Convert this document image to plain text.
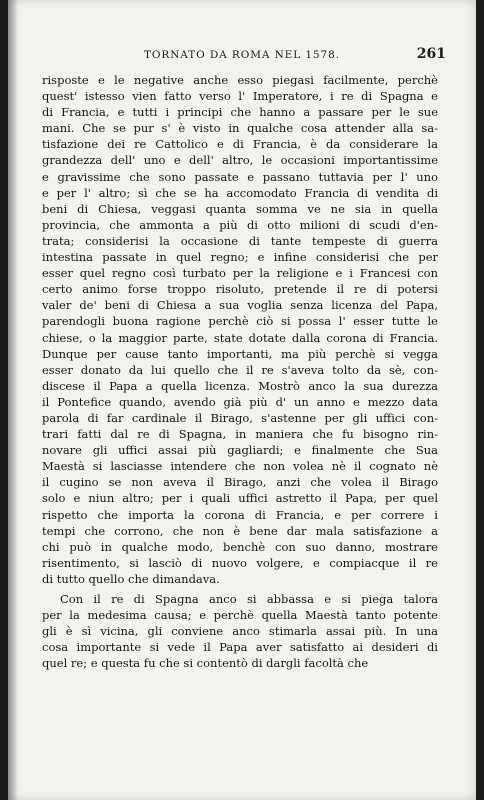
TORNATO DA ROMA NEL 1578.	261
risposte e le negative anche esso piegasi facilmente, perchè
quest' istesso vien fatto verso l' Imperatore, i re di Spagna e
di Francia, e tutti i principi che hanno a passare per le sue
mani. Che se pur s' è visto in qualche cosa attender alla sa-
tisfazione dei re Cattolico e di Francia, è da considerare la
grandezza dell' uno e dell' altro, le occasioni importantissime
e gravissime che sono passate e passano tuttavia per l' uno
e per l' altro; sì che se ha accomodato Francia di vendita di
beni di Chiesa, veggasi quanta somma ve ne sia in quella
provincia, che ammonta a più di otto milioni di scudi d'en-
trata; considerisi la occasione di tante tempeste di guerra
intestina passate in quel regno; e infine considerisi che per
esser quel regno così turbato per la religione e i Francesi con
certo animo forse troppo risoluto, pretende il re di potersi
valer de' beni di Chiesa a sua voglia senza licenza del Papa,
parendogli buona ragione perchè ciò si possa l' esser tutte le
chiese, o la maggior parte, state dotate dalla corona di Francia.
Dunque per cause tanto importanti, ma più perchè si vegga
esser donato da lui quello che il re s'aveva tolto da sè, con-
discese il Papa a quella licenza. Mostrò anco la sua durezza
il Pontefice quando, avendo già più d' un anno e mezzo data
parola di far cardinale il Birago, s'astenne per gli uffici con-
trari fatti dal re di Spagna, in maniera che fu bisogno rin-
novare gli uffici assai più gagliardi; e finalmente che Sua
Maestà si lasciasse intendere che non volea nè il cognato nè
il cugino se non aveva il Birago, anzi che volea il Birago
solo e niun altro; per i quali uffici astretto il Papa, per quel
rispetto che importa la corona di Francia, e per correre i
tempi che corrono, che non è bene dar mala satisfazione a
chi può in qualche modo, benchè con suo danno, mostrare
risentimento, si lasciò di nuovo volgere, e compiacque il re
di tutto quello che dimandava.
Con il re di Spagna anco si abbassa e si piega talora
per la medesima causa; e perchè quella Maestà tanto potente
gli è sì vicina, gli conviene anco stimarla assai più. In una
cosa importante si vede il Papa aver satisfatto ai desideri di
quel re; e questa fu che si contentò di dargli facoltà che
